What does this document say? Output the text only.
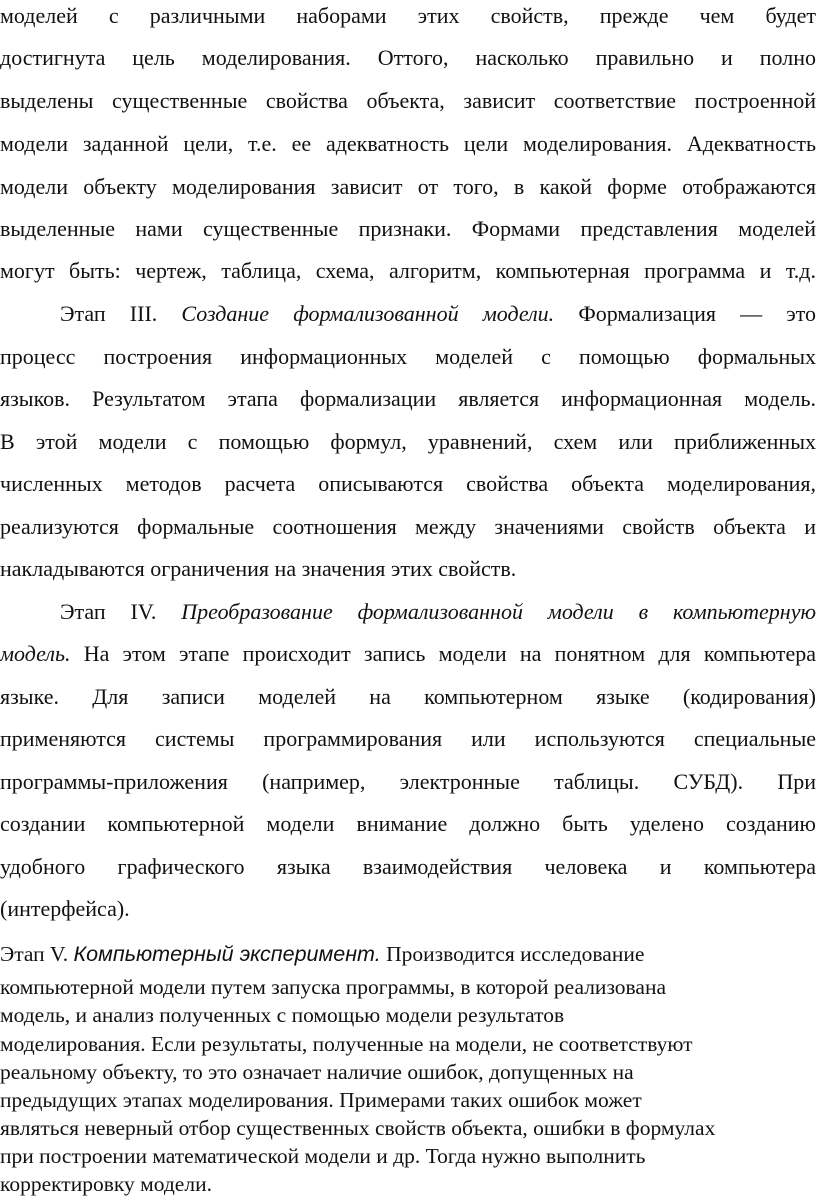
моделей с различными наборами этих свойств, прежде чем будет
достигнута цель моделирования. Оттого, насколько правильно и полно
выделены существенные свойства объекта, зависит соответствие построенной
модели заданной цели, т.е. ее адекватность цели моделирования. Адекватность
модели объекту моделирования зависит от того, в какой форме отображаются
выделенные нами существенные признаки. Формами представления моделей
могут быть: чертеж, таблица, схема, алгоритм, компьютерная программа и т.д.
Этап III. Создание формализованной модели. Формализация — это
процесс построения информационных моделей с помощью формальных
языков. Результатом этапа формализации является информационная модель.
В этой модели с помощью формул, уравнений, схем или приближенных
численных методов расчета описываются свойства объекта моделирования,
реализуются формальные соотношения между значениями свойств объекта и
накладываются ограничения на значения этих свойств.
Этап IV. Преобразование формализованной модели в компьютерную
модель. На этом этапе происходит запись модели на понятном для компьютера
языке. Для записи моделей на компьютерном языке (кодирования)
применяются системы программирования или используются специальные
программы-приложения (например, электронные таблицы. СУБД). При
создании компьютерной модели внимание должно быть уделено созданию
удобного графического языка взаимодействия человека и компьютера
(интерфейса).
Этап V. Компьютерный эксперимент. Производится исследование
компьютерной модели путем запуска программы, в которой реализована
модель, и анализ полученных с помощью модели результатов
моделирования. Если результаты, полученные на модели, не соответствуют
реальному объекту, то это означает наличие ошибок, допущенных на
предыдущих этапах моделирования. Примерами таких ошибок может
являться неверный отбор существенных свойств объекта, ошибки в формулах
при построении математической модели и др. Тогда нужно выполнить
корректировку модели.
